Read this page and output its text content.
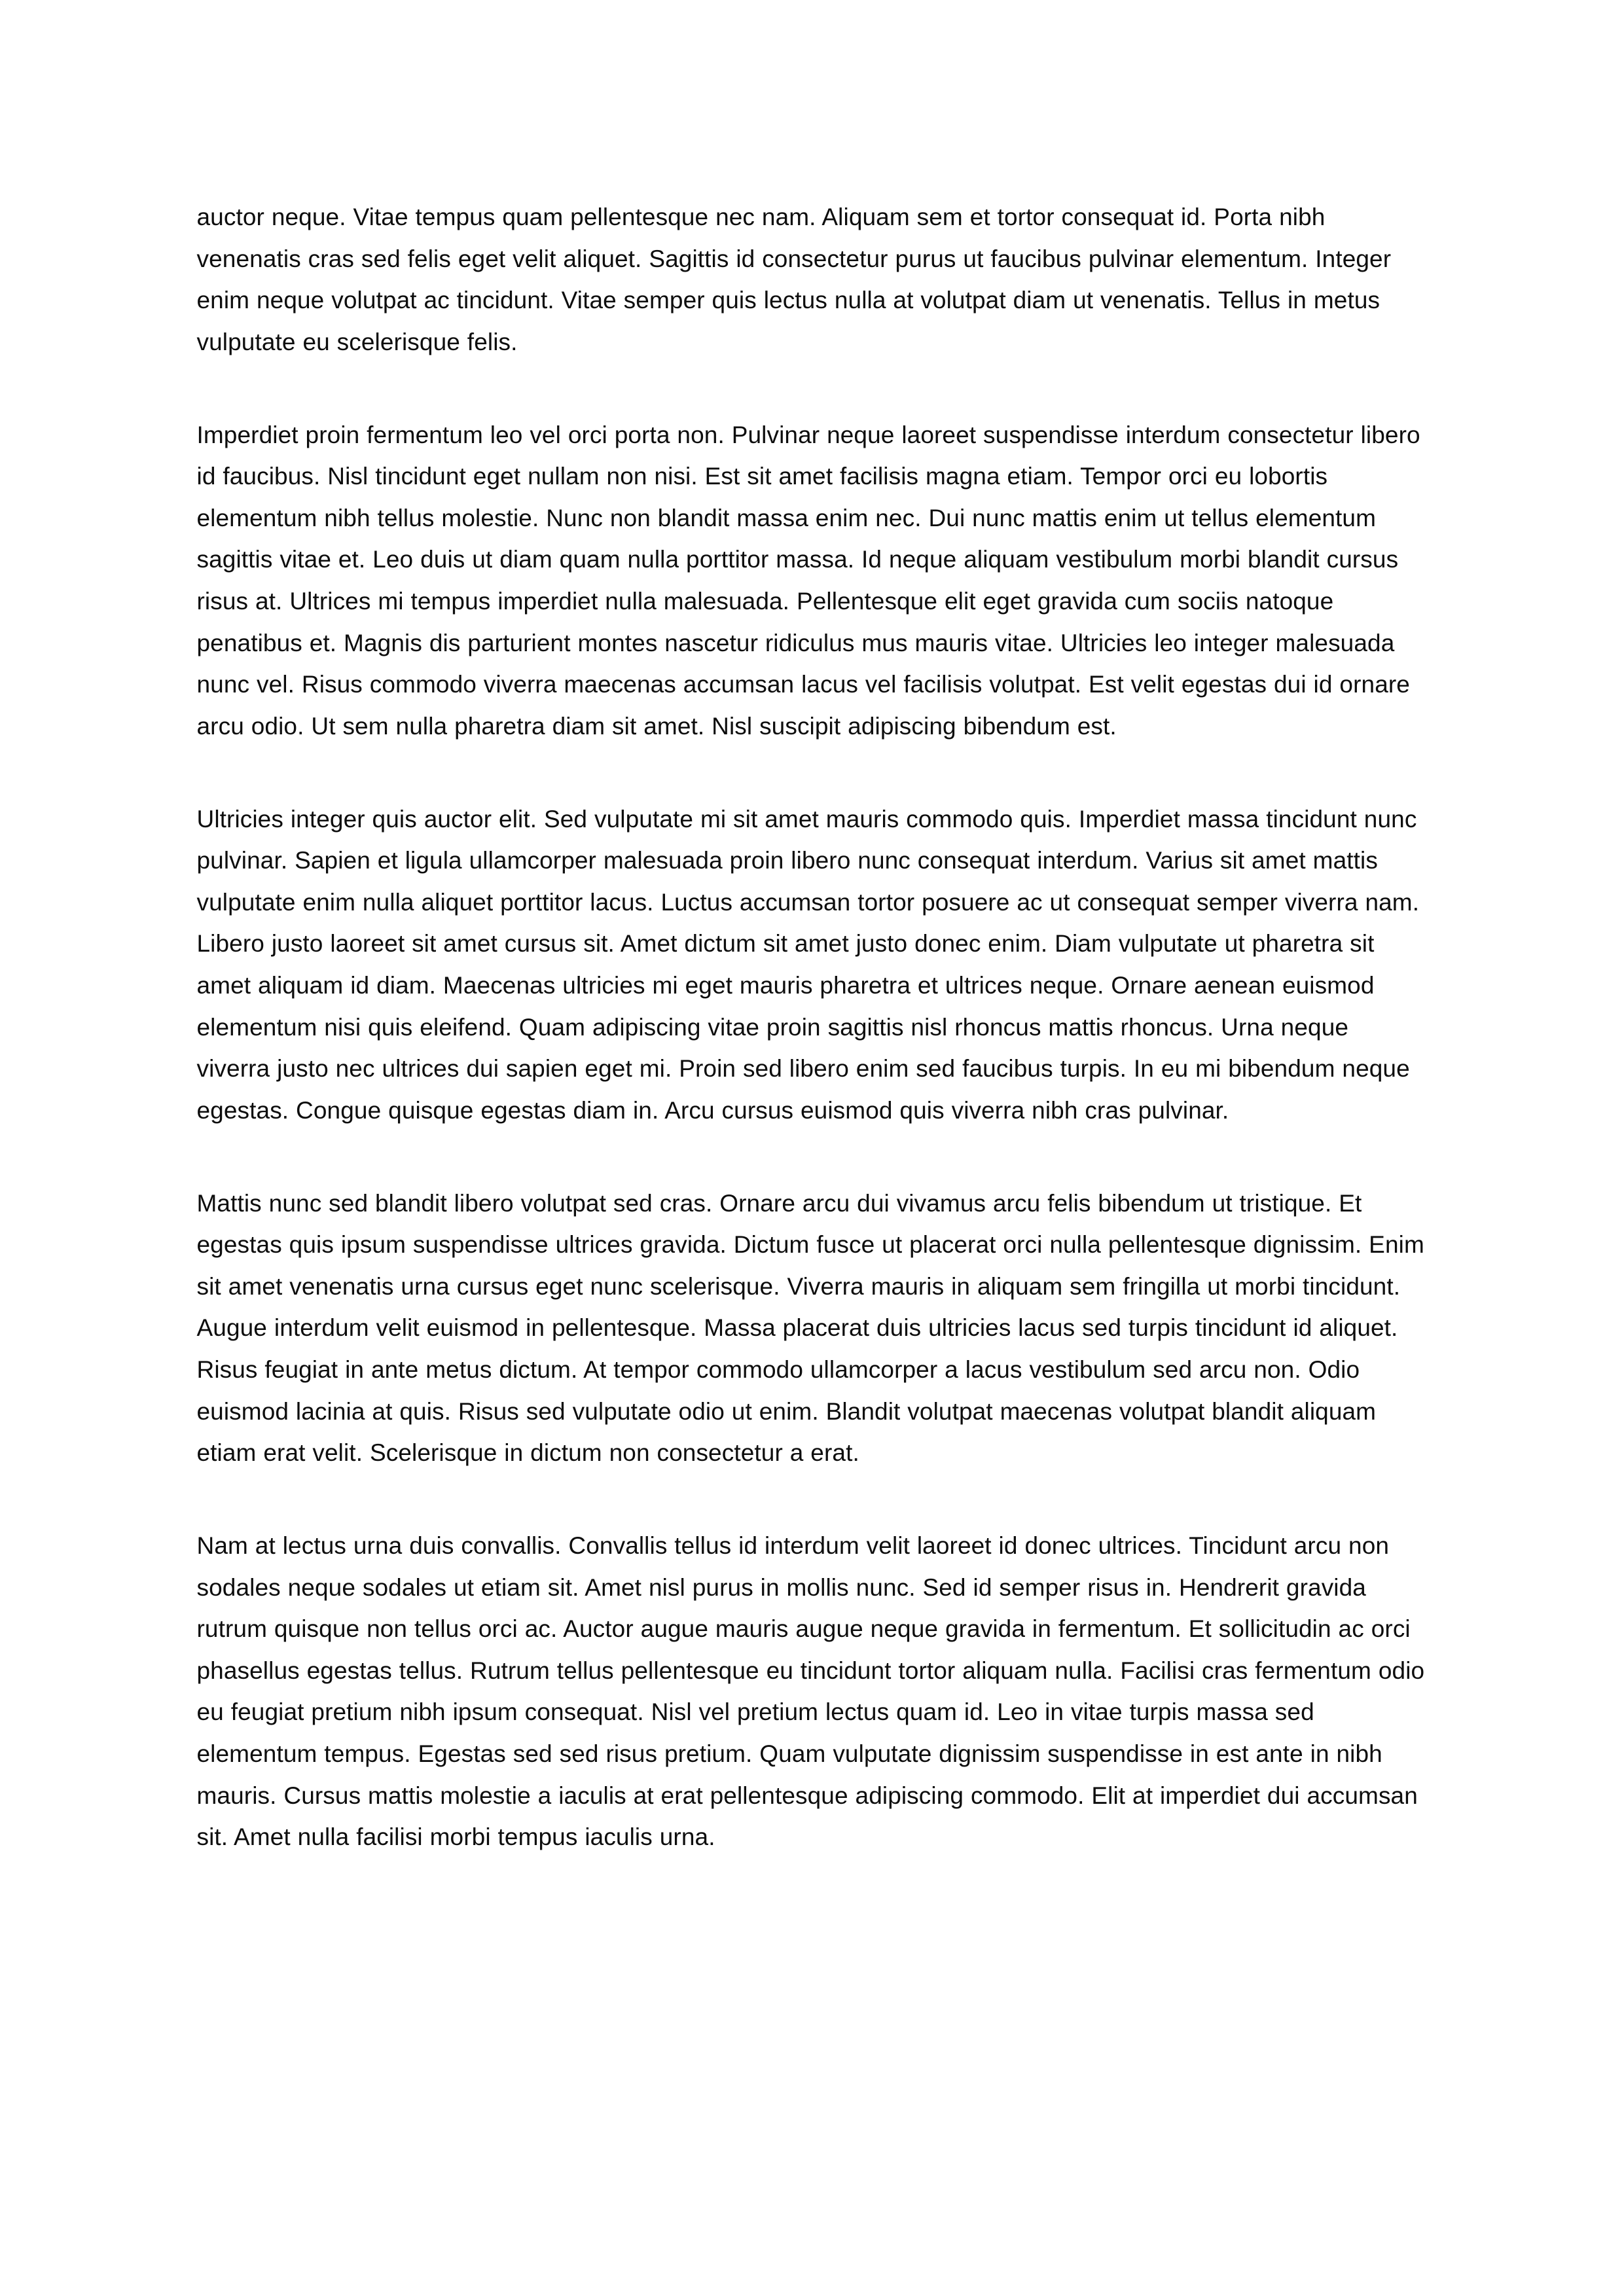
auctor neque. Vitae tempus quam pellentesque nec nam. Aliquam sem et tortor consequat id. Porta nibh venenatis cras sed felis eget velit aliquet. Sagittis id consectetur purus ut faucibus pulvinar elementum. Integer enim neque volutpat ac tincidunt. Vitae semper quis lectus nulla at volutpat diam ut venenatis. Tellus in metus vulputate eu scelerisque felis.

Imperdiet proin fermentum leo vel orci porta non. Pulvinar neque laoreet suspendisse interdum consectetur libero id faucibus. Nisl tincidunt eget nullam non nisi. Est sit amet facilisis magna etiam. Tempor orci eu lobortis elementum nibh tellus molestie. Nunc non blandit massa enim nec. Dui nunc mattis enim ut tellus elementum sagittis vitae et. Leo duis ut diam quam nulla porttitor massa. Id neque aliquam vestibulum morbi blandit cursus risus at. Ultrices mi tempus imperdiet nulla malesuada. Pellentesque elit eget gravida cum sociis natoque penatibus et. Magnis dis parturient montes nascetur ridiculus mus mauris vitae. Ultricies leo integer malesuada nunc vel. Risus commodo viverra maecenas accumsan lacus vel facilisis volutpat. Est velit egestas dui id ornare arcu odio. Ut sem nulla pharetra diam sit amet. Nisl suscipit adipiscing bibendum est.

Ultricies integer quis auctor elit. Sed vulputate mi sit amet mauris commodo quis. Imperdiet massa tincidunt nunc pulvinar. Sapien et ligula ullamcorper malesuada proin libero nunc consequat interdum. Varius sit amet mattis vulputate enim nulla aliquet porttitor lacus. Luctus accumsan tortor posuere ac ut consequat semper viverra nam. Libero justo laoreet sit amet cursus sit. Amet dictum sit amet justo donec enim. Diam vulputate ut pharetra sit amet aliquam id diam. Maecenas ultricies mi eget mauris pharetra et ultrices neque. Ornare aenean euismod elementum nisi quis eleifend. Quam adipiscing vitae proin sagittis nisl rhoncus mattis rhoncus. Urna neque viverra justo nec ultrices dui sapien eget mi. Proin sed libero enim sed faucibus turpis. In eu mi bibendum neque egestas. Congue quisque egestas diam in. Arcu cursus euismod quis viverra nibh cras pulvinar.

Mattis nunc sed blandit libero volutpat sed cras. Ornare arcu dui vivamus arcu felis bibendum ut tristique. Et egestas quis ipsum suspendisse ultrices gravida. Dictum fusce ut placerat orci nulla pellentesque dignissim. Enim sit amet venenatis urna cursus eget nunc scelerisque. Viverra mauris in aliquam sem fringilla ut morbi tincidunt. Augue interdum velit euismod in pellentesque. Massa placerat duis ultricies lacus sed turpis tincidunt id aliquet. Risus feugiat in ante metus dictum. At tempor commodo ullamcorper a lacus vestibulum sed arcu non. Odio euismod lacinia at quis. Risus sed vulputate odio ut enim. Blandit volutpat maecenas volutpat blandit aliquam etiam erat velit. Scelerisque in dictum non consectetur a erat.

Nam at lectus urna duis convallis. Convallis tellus id interdum velit laoreet id donec ultrices. Tincidunt arcu non sodales neque sodales ut etiam sit. Amet nisl purus in mollis nunc. Sed id semper risus in. Hendrerit gravida rutrum quisque non tellus orci ac. Auctor augue mauris augue neque gravida in fermentum. Et sollicitudin ac orci phasellus egestas tellus. Rutrum tellus pellentesque eu tincidunt tortor aliquam nulla. Facilisi cras fermentum odio eu feugiat pretium nibh ipsum consequat. Nisl vel pretium lectus quam id. Leo in vitae turpis massa sed elementum tempus. Egestas sed sed risus pretium. Quam vulputate dignissim suspendisse in est ante in nibh mauris. Cursus mattis molestie a iaculis at erat pellentesque adipiscing commodo. Elit at imperdiet dui accumsan sit. Amet nulla facilisi morbi tempus iaculis urna.
